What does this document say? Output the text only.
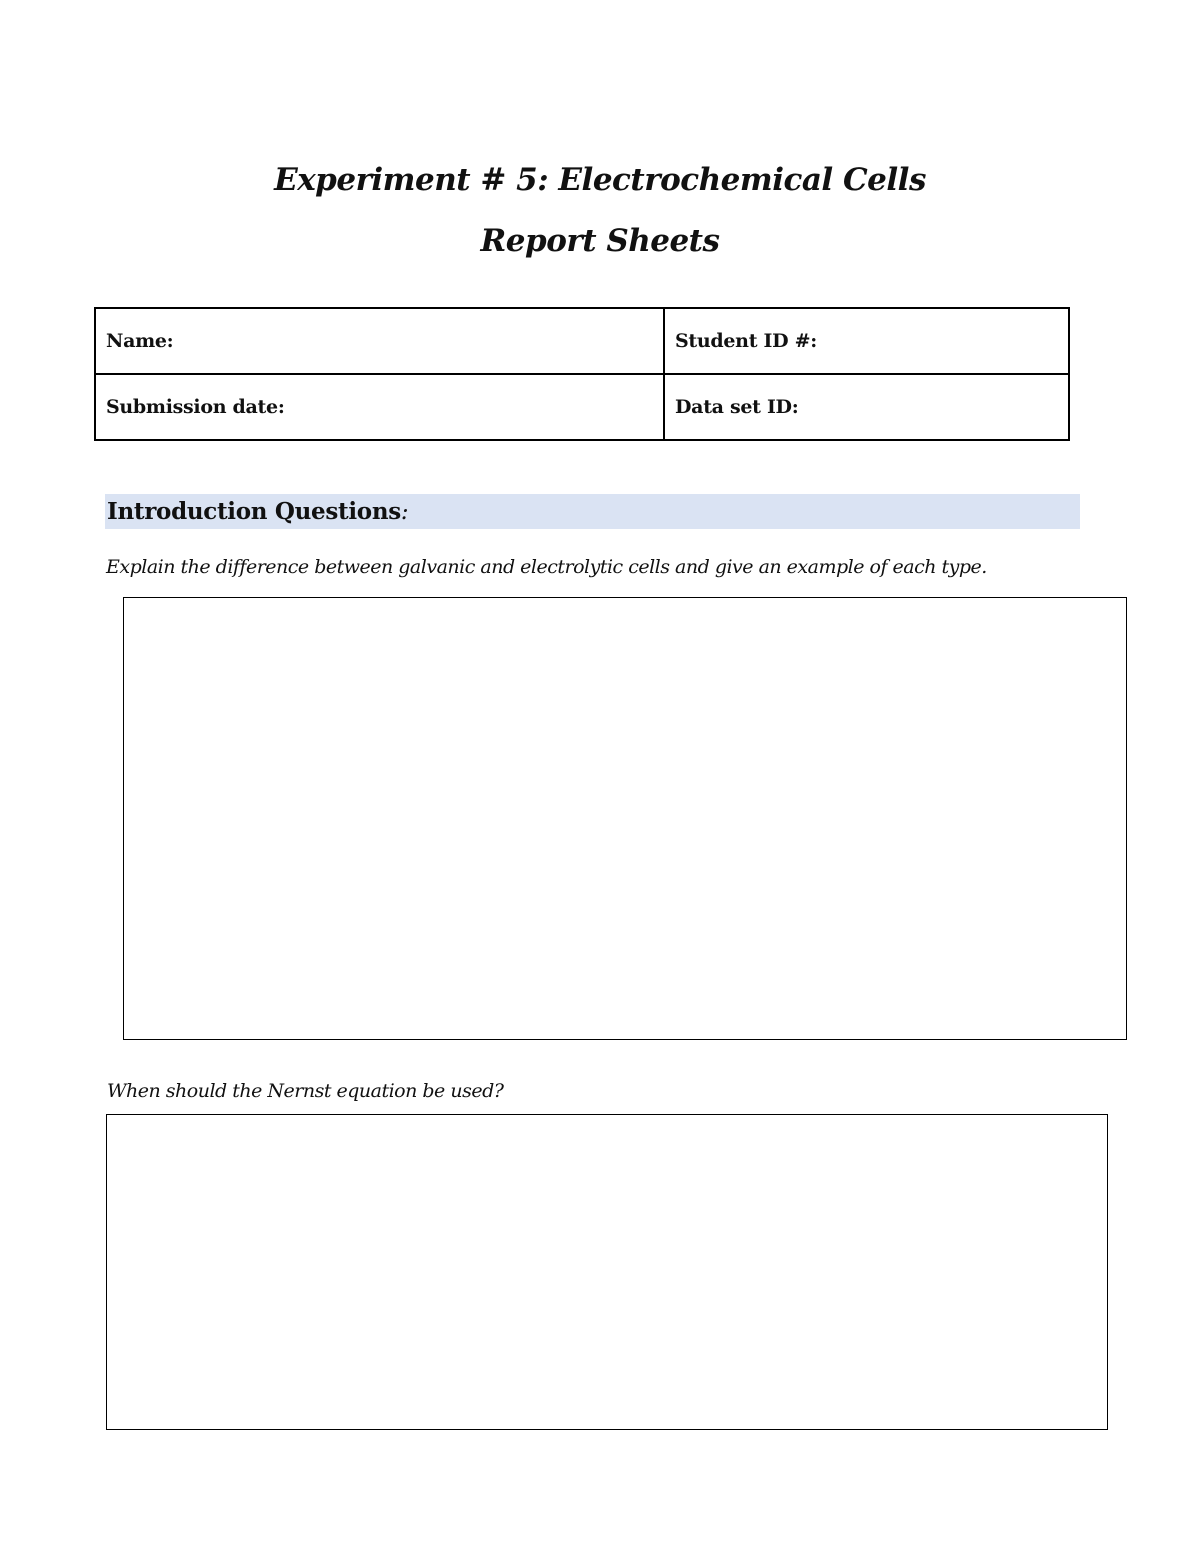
Experiment # 5: Electrochemical Cells
Report Sheets
Name:	Student ID #:
Submission date:	Data set ID:
Introduction Questions:

Explain the difference between galvanic and electrolytic cells and give an example of each type.

When should the Nernst equation be used?
